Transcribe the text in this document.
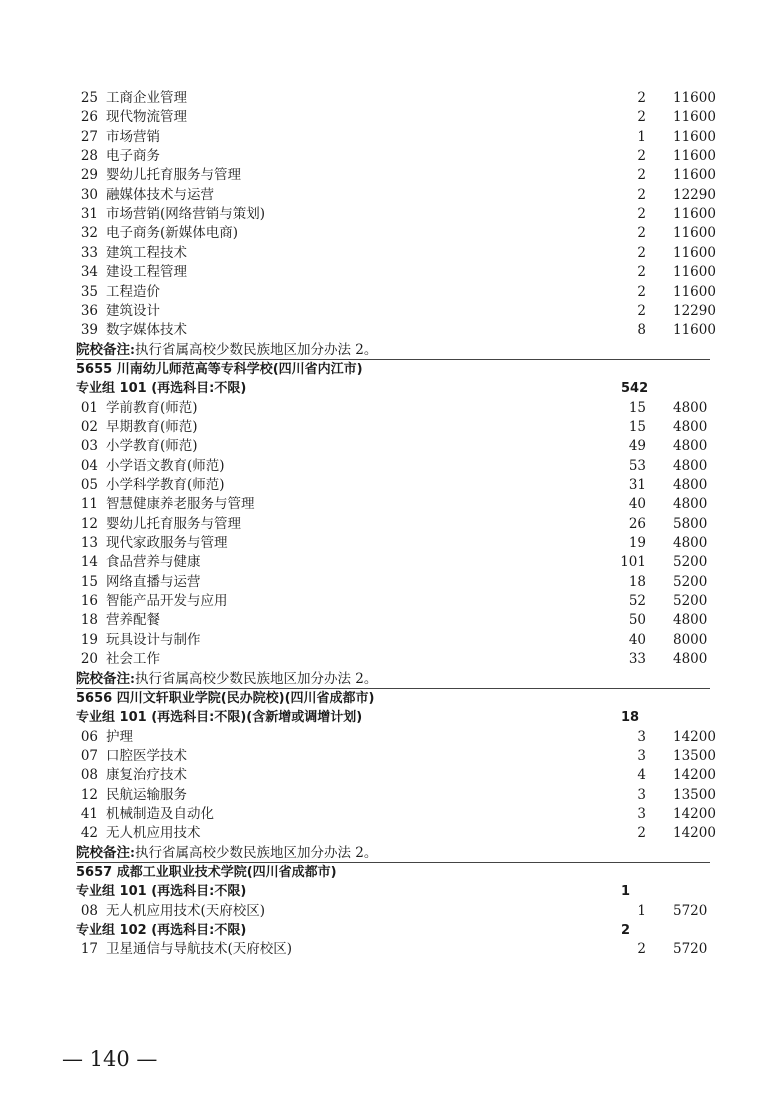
25 工商企业管理	2 11600
26 现代物流管理	2 11600
27 市场营销	1 11600
28 电子商务	2 11600
29 婴幼儿托育服务与管理	2 11600
30 融媒体技术与运营	2 12290
31 市场营销(网络营销与策划)	2 11600
32 电子商务(新媒体电商)	2 11600
33 建筑工程技术	2 11600
34 建设工程管理	2 11600
35 工程造价	2 11600
36 建筑设计	2 12290
39 数字媒体技术	8 11600
院校备注:执行省属高校少数民族地区加分办法 2。
5655 川南幼儿师范高等专科学校(四川省内江市)
专业组 101 (再选科目:不限)	542
01 学前教育(师范)	15 4800
02 早期教育(师范)	15 4800
03 小学教育(师范)	49 4800
04 小学语文教育(师范)	53 4800
05 小学科学教育(师范)	31 4800
11 智慧健康养老服务与管理	40 4800
12 婴幼儿托育服务与管理	26 5800
13 现代家政服务与管理	19 4800
14 食品营养与健康	101 5200
15 网络直播与运营	18 5200
16 智能产品开发与应用	52 5200
18 营养配餐	50 4800
19 玩具设计与制作	40 8000
20 社会工作	33 4800
院校备注:执行省属高校少数民族地区加分办法 2。
5656 四川文轩职业学院(民办院校)(四川省成都市)
专业组 101 (再选科目:不限)(含新增或调增计划)	18
06 护理	3 14200
07 口腔医学技术	3 13500
08 康复治疗技术	4 14200
12 民航运输服务	3 13500
41 机械制造及自动化	3 14200
42 无人机应用技术	2 14200
院校备注:执行省属高校少数民族地区加分办法 2。
5657 成都工业职业技术学院(四川省成都市)
专业组 101 (再选科目:不限)	1
08 无人机应用技术(天府校区)	1 5720
专业组 102 (再选科目:不限)	2
17 卫星通信与导航技术(天府校区)	2 5720
— 140 —
